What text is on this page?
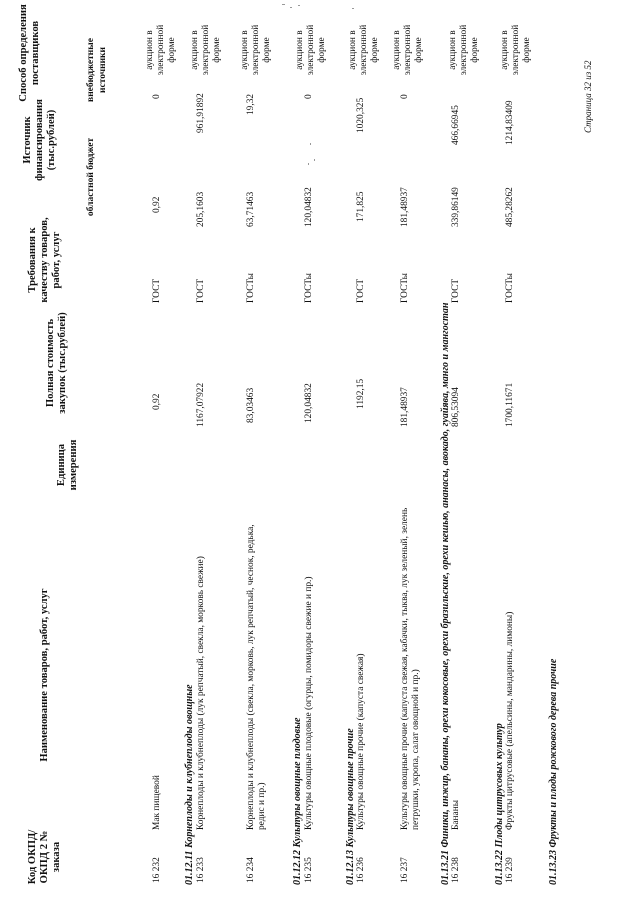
Код ОКПД/ ОКПД 2 № заказа
Наименование товаров, работ, услуг
Единица измерения
Полная стоимость закупок (тыс.рублей)
Требования к качеству товаров, работ, услуг
Источник финансирования (тыс.рублей)	областной бюджет
внебюджетные источники
Способ определения поставщиков
16 232
Мак пищевой
0,92
ГОСТ
0,92
0
аукцион в электронной форме
01.12.11 Корнеплоды и клубнеплоды овощные 16 233
Корнеплоды и клубнеплоды (лук репчатый, свекла, морковь свежие)
1167,07922
ГОСТ
205,1603
961,91892
аукцион в электронной форме
16 234
Корнеплоды и клубнеплоды (свекла, морковь, лук репчатый, чеснок, редька, редис и пр.)
83,03463
ГОСТы
63,71463
19,32
аукцион в электронной форме
01.12.12 Культуры овощные плодовые 16 235
Культуры овощные плодовые (огурцы, помидоры свежие и пр.)
120,04832
ГОСТы
120,04832
0
аукцион в электронной форме
01.12.13 Культуры овощные прочие 16 236
Культуры овощные прочие (капуста свежая)
1192,15
ГОСТ
171,825
1020,325
аукцион в электронной форме
16 237
Культуры овощные прочие (капуста свежая, кабачки, тыква, лук зеленый, зелень петрушки, укропа, салат овощной и пр.)
181,48937
ГОСТы
181,48937
0
аукцион в электронной форме
01.13.21 Финики, инжир, бананы, орехи кокосовые, орехи бразильские, орехи кешью, ананасы, авокадо, гуайява, манго и мангостан 16 238
Бананы
806,53094
ГОСТ
339,86149
466,66945
аукцион в электронной форме
01.13.22 Плоды цитрусовых культур 16 239
Фрукты цитрусовые (апельсины, мандарины, лимоны)
1700,11671
ГОСТы
485,28262
1214,83409
аукцион в электронной форме
01.13.23 Фрукты и плоды рожкового дерева прочие
Страница 32 из 52
